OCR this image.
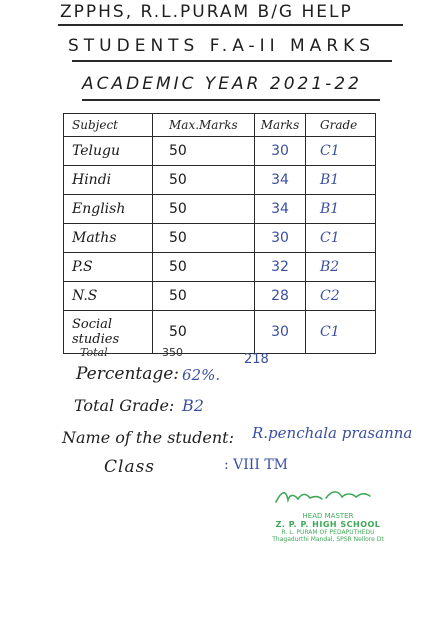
ZPPHS, R.L.PURAM B/G HELP
STUDENTS F.A-II MARKS
ACADEMIC YEAR 2021-22
Subject	Max.Marks	Marks	Grade
Telugu	50	30	C1
Hindi	50	34	B1
English	50	34	B1
Maths	50	30	C1
P.S	50	32	B2
N.S	50	28	C2

Social studies	50	30	C1
Total	350	218
Percentage: 62%.
Total Grade: B2
Name of the student: R.penchala prasanna
Class	: VIII TM
HEAD MASTER
Z. P. P. HIGH SCHOOL
R. L. PURAM OF PEDAPUTHEDU
Thagadurthi Mandal, SPSR Nellore Dt
